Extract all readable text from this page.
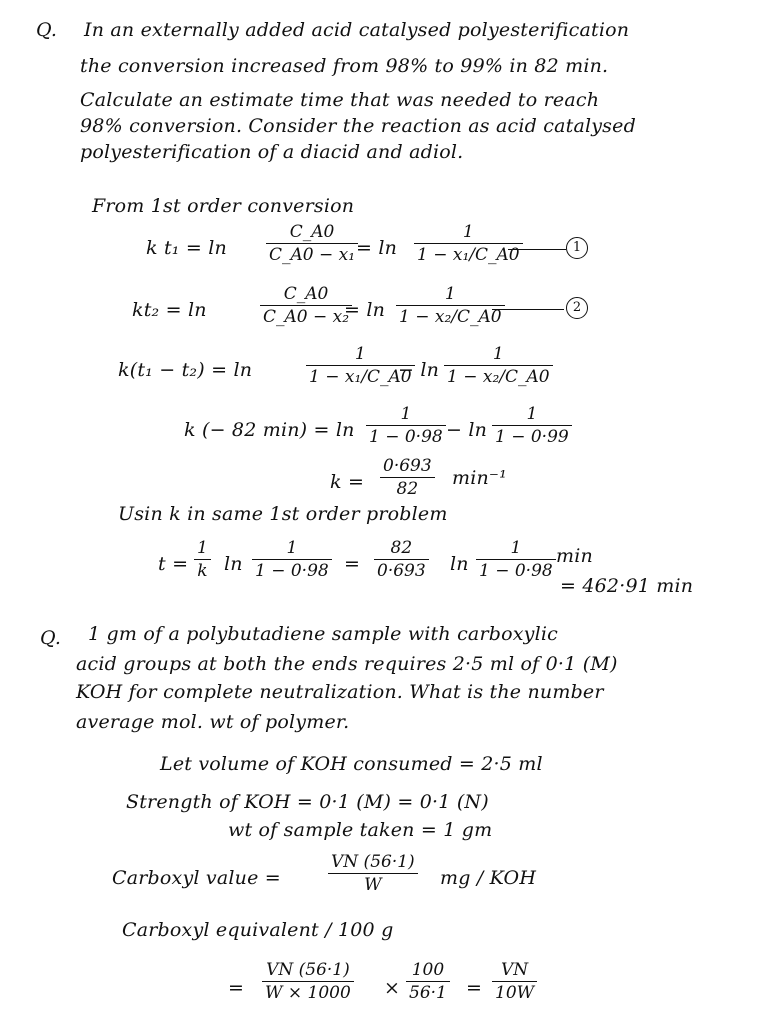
Q. In an externally added acid catalysed polyesterification
the conversion increased from 98% to 99% in 82 min.
Calculate an estimate time that was needed to reach
98% conversion. Consider the reaction as acid catalysed
polyesterification of a diacid and adiol.
From 1st order conversion
k t₁ = ln
C_A0
C_A0 − x₁ = ln
1
1 − x₁/C_A0	1
kt₂ = ln
C_A0
C_A0 − x₂
= ln
1
1 − x₂/C_A0	2
k(t₁ − t₂) = ln
1
1 − x₁/C_A0
− ln
1
1 − x₂/C_A0
k (− 82 min) = ln
1
1 − 0·98 − ln
1
1 − 0·99
k =
0·693
82 min⁻¹
Usin k in same 1st order problem
t =
1
k ln
1
1 − 0·98 =
82
0·693 ln
1
1 − 0·98
min
= 462·91 min
Q. 1 gm of a polybutadiene sample with carboxylic
acid groups at both the ends requires 2·5 ml of 0·1 (M)
KOH for complete neutralization. What is the number
average mol. wt of polymer.
Let volume of KOH consumed = 2·5 ml
Strength of KOH = 0·1 (M) = 0·1 (N)
wt of sample taken = 1 gm
Carboxyl value =
VN (56·1)
W	mg / KOH
Carboxyl equivalent / 100 g
=
VN (56·1)
W × 1000 ×
100
56·1 =
VN
10W
